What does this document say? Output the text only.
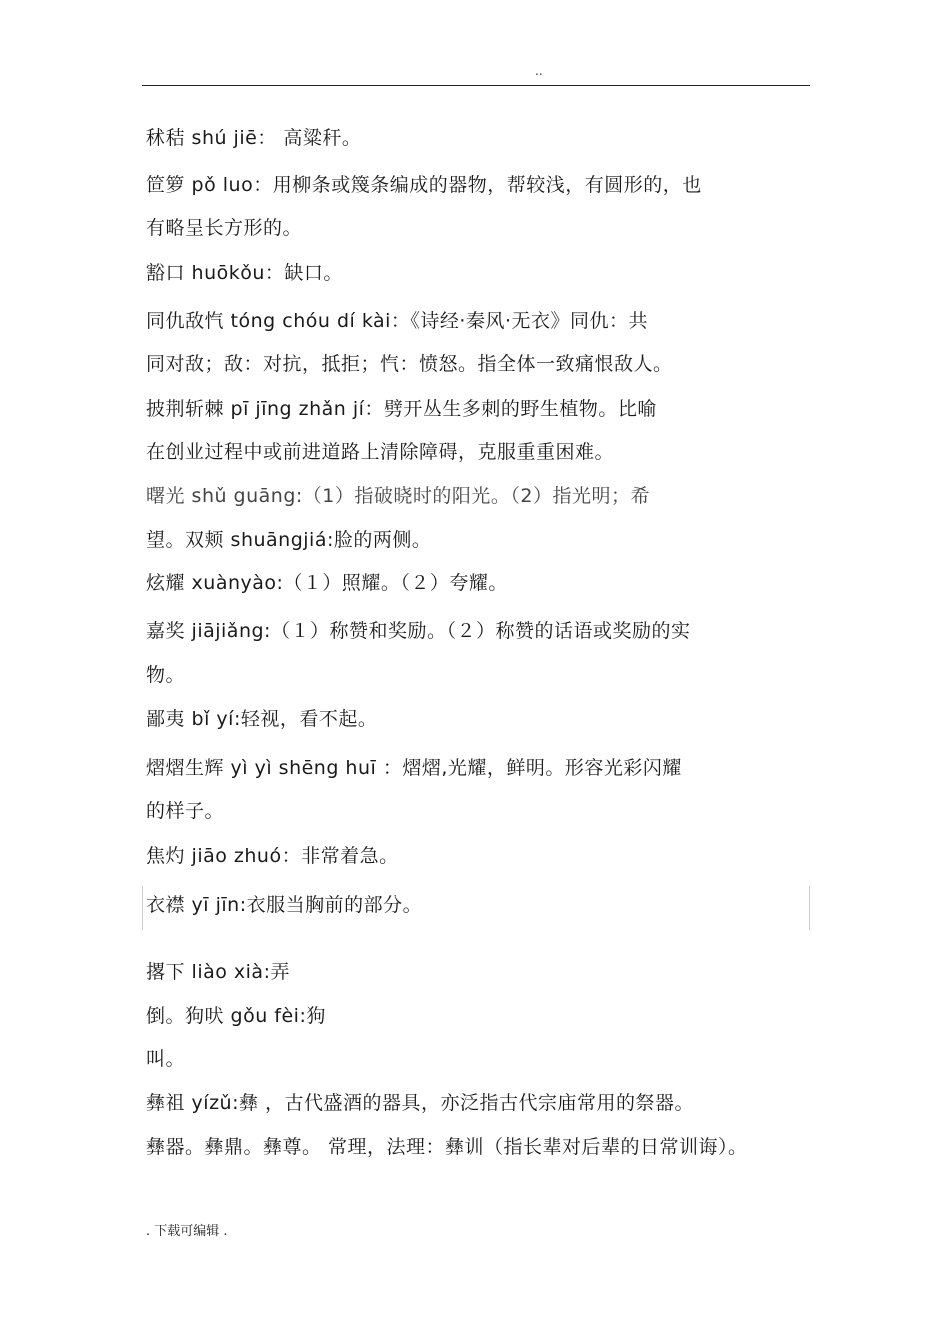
..
秫秸 shú jiē： 高粱秆。
笸箩 pǒ luo：用柳条或篾条编成的器物，帮较浅，有圆形的，也
有略呈长方形的。
豁口 huōkǒu：缺口。
同仇敌忾 tóng chóu dí kài：《诗经·秦风·无衣》同仇：共
同对敌；敌：对抗，抵拒；忾：愤怒。指全体一致痛恨敌人。
披荆斩棘 pī jīng zhǎn jí：劈开丛生多刺的野生植物。比喻
在创业过程中或前进道路上清除障碍，克服重重困难。
曙光 shǔ guāng:（1）指破晓时的阳光。（2）指光明；希
望。双颊 shuāngjiá:脸的两侧。
炫耀 xuànyào:（１）照耀。（２）夸耀。
嘉奖 jiājiǎng:（１）称赞和奖励。（２）称赞的话语或奖励的实
物。
鄙夷 bǐ yí:轻视，看不起。
熠熠生辉 yì yì shēng huī ：熠熠,光耀，鲜明。形容光彩闪耀
的样子。
焦灼 jiāo zhuó：非常着急。
衣襟 yī jīn:衣服当胸前的部分。
撂下 liào xià:弄
倒。狗吠 gǒu fèi:狗
叫。
彝祖 yízǔ:彝 ，古代盛酒的器具，亦泛指古代宗庙常用的祭器。
彝器。彝鼎。彝尊。 常理，法理：彝训（指长辈对后辈的日常训诲）。
. 下载可编辑 .
